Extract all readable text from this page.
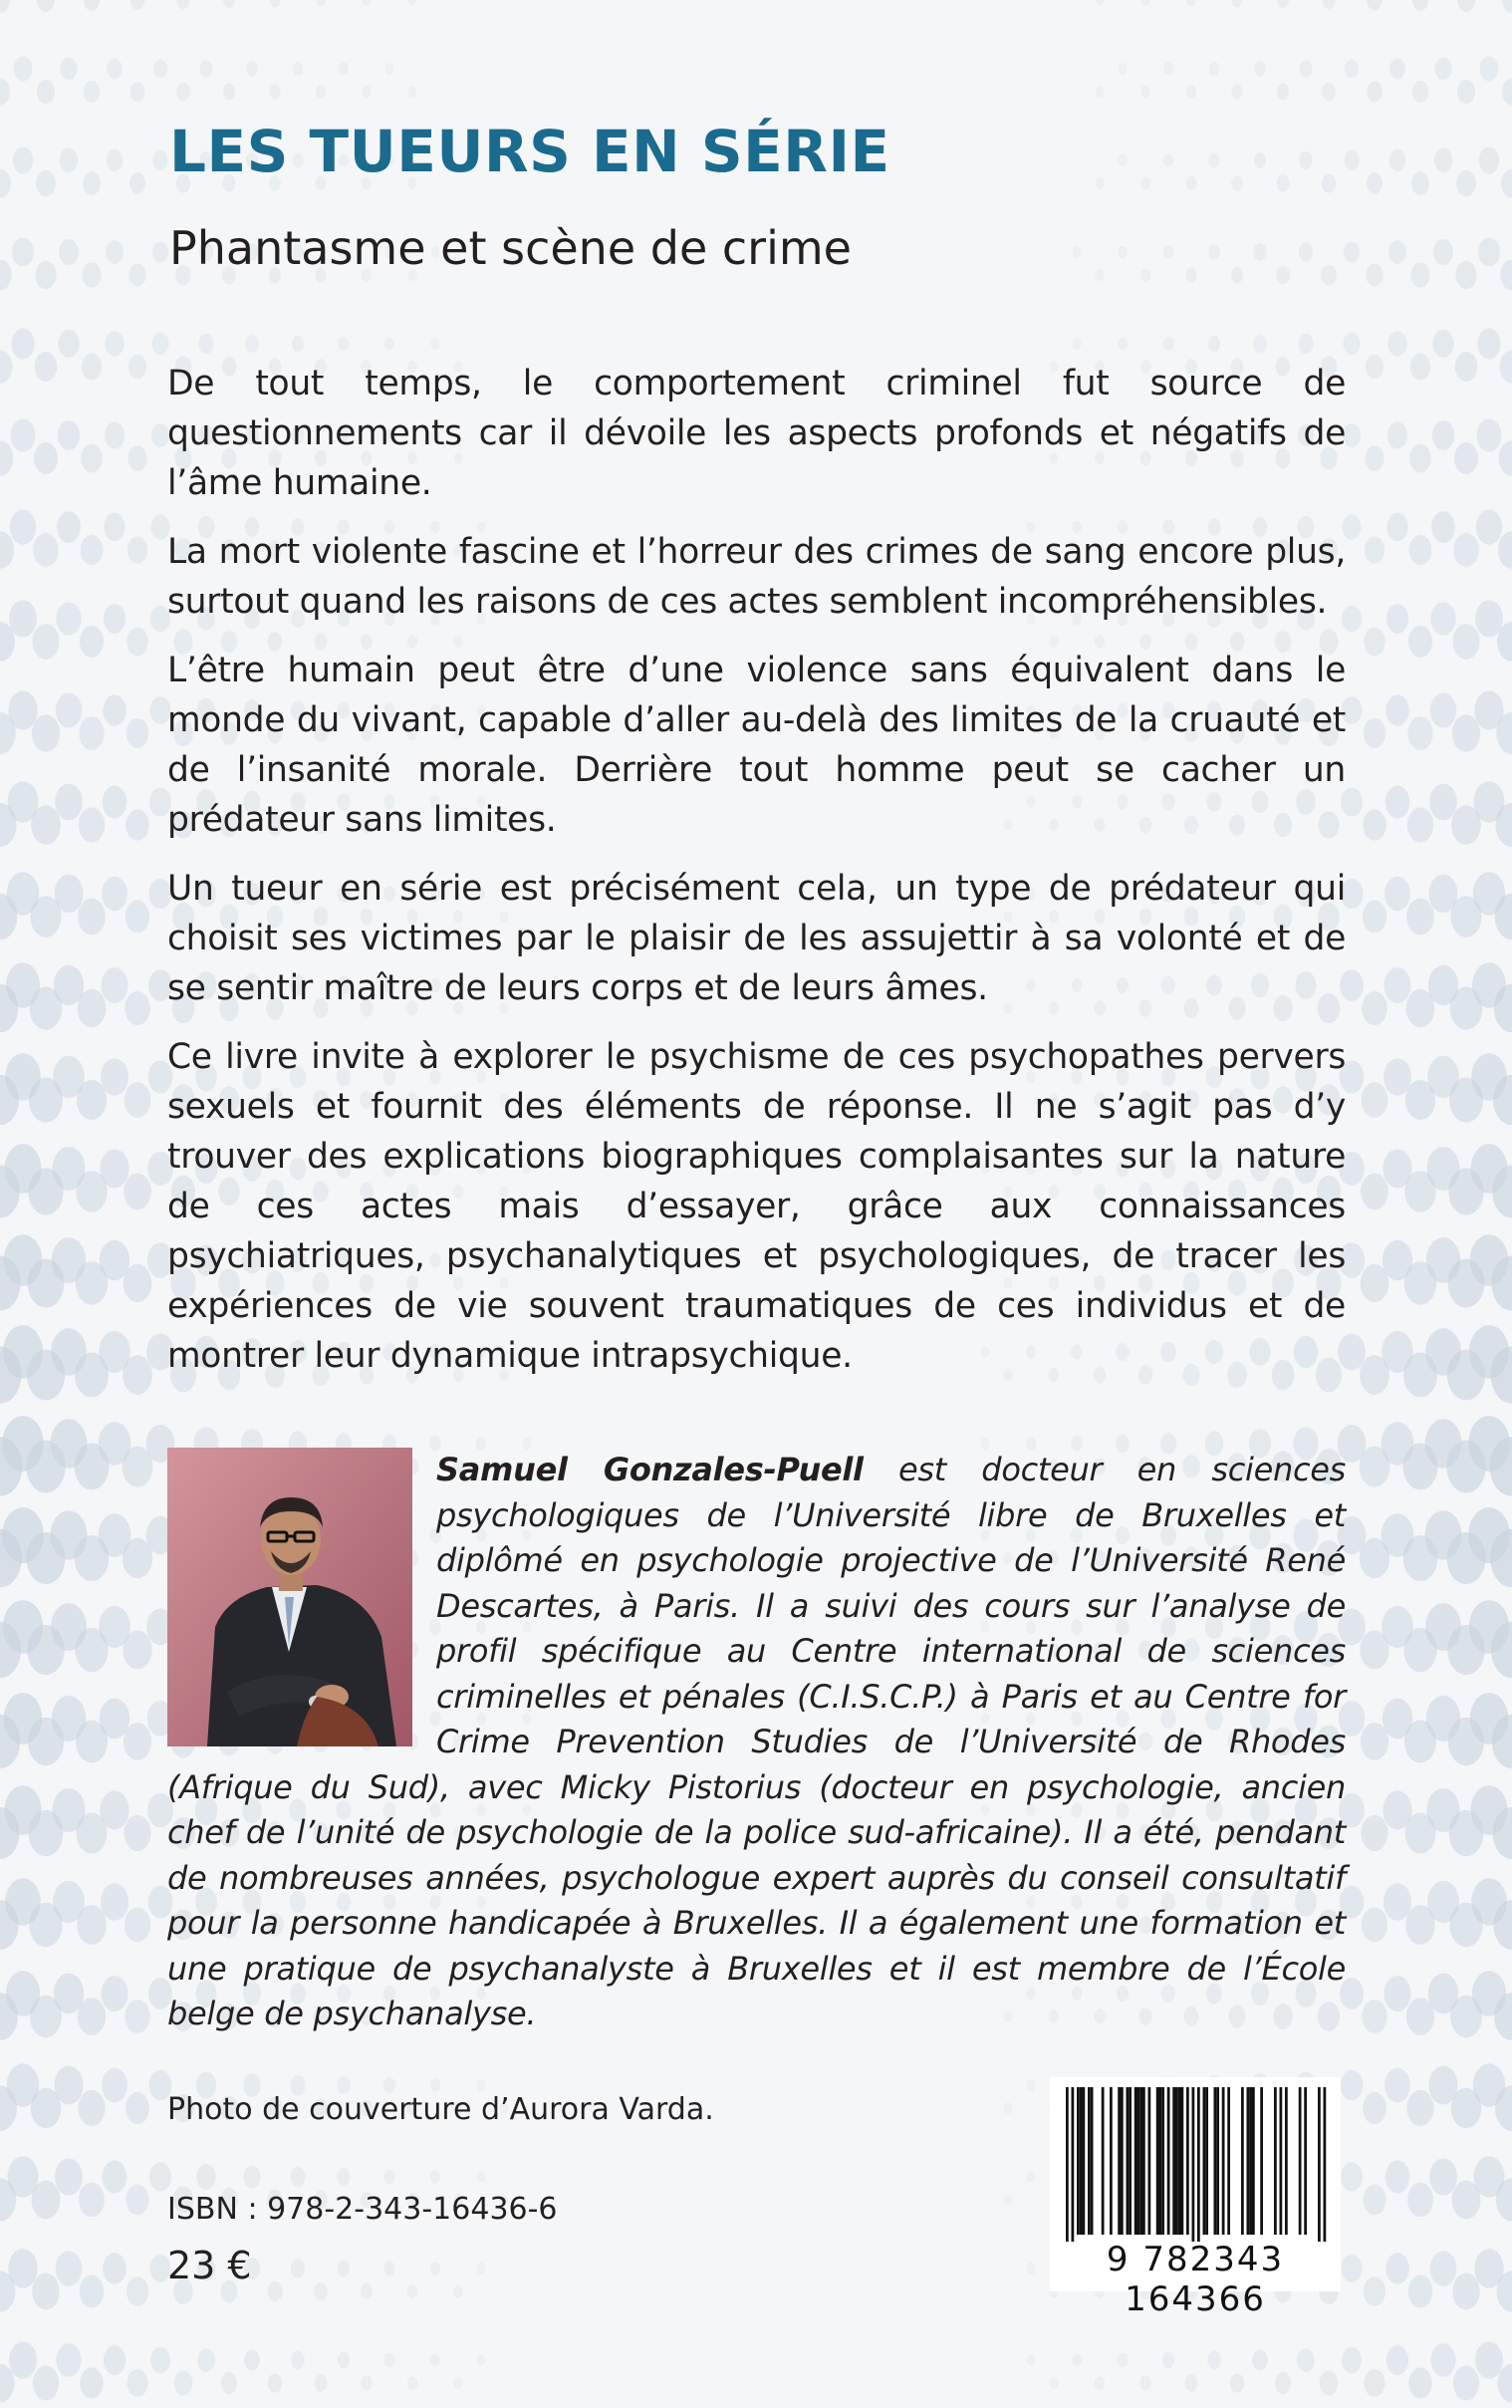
LES TUEURS EN SÉRIE
Phantasme et scène de crime

De tout temps, le comportement criminel fut source de questionnements car il dévoile les aspects profonds et négatifs de l’âme humaine.

La mort violente fascine et l’horreur des crimes de sang encore plus, surtout quand les raisons de ces actes semblent incompréhensibles.

L’être humain peut être d’une violence sans équivalent dans le monde du vivant, capable d’aller au-delà des limites de la cruauté et de l’insanité morale. Derrière tout homme peut se cacher un prédateur sans limites.

Un tueur en série est précisément cela, un type de prédateur qui choisit ses victimes par le plaisir de les assujettir à sa volonté et de se sentir maître de leurs corps et de leurs âmes.

Ce livre invite à explorer le psychisme de ces psychopathes pervers sexuels et fournit des éléments de réponse. Il ne s’agit pas d’y trouver des explications biographiques complaisantes sur la nature de ces actes mais d’essayer, grâce aux connaissances psychiatriques, psychanalytiques et psychologiques, de tracer les expériences de vie souvent traumatiques de ces individus et de montrer leur dynamique intrapsychique.

Samuel Gonzales-Puell est docteur en sciences psychologiques de l’Université libre de Bruxelles et diplômé en psychologie projective de l’Université René Descartes, à Paris. Il a suivi des cours sur l’analyse de profil spécifique au Centre international de sciences criminelles et pénales (C.I.S.C.P.) à Paris et au Centre for Crime Prevention Studies de l’Université de Rhodes (Afrique du Sud), avec Micky Pistorius (docteur en psychologie, ancien chef de l’unité de psychologie de la police sud-africaine). Il a été, pendant de nombreuses années, psychologue expert auprès du conseil consultatif pour la personne handicapée à Bruxelles. Il a également une formation et une pratique de psychanalyste à Bruxelles et il est membre de l’École belge de psychanalyse.

Photo de couverture d’Aurora Varda.
ISBN : 978-2-343-16436-6
23 €	9 782343 164366
